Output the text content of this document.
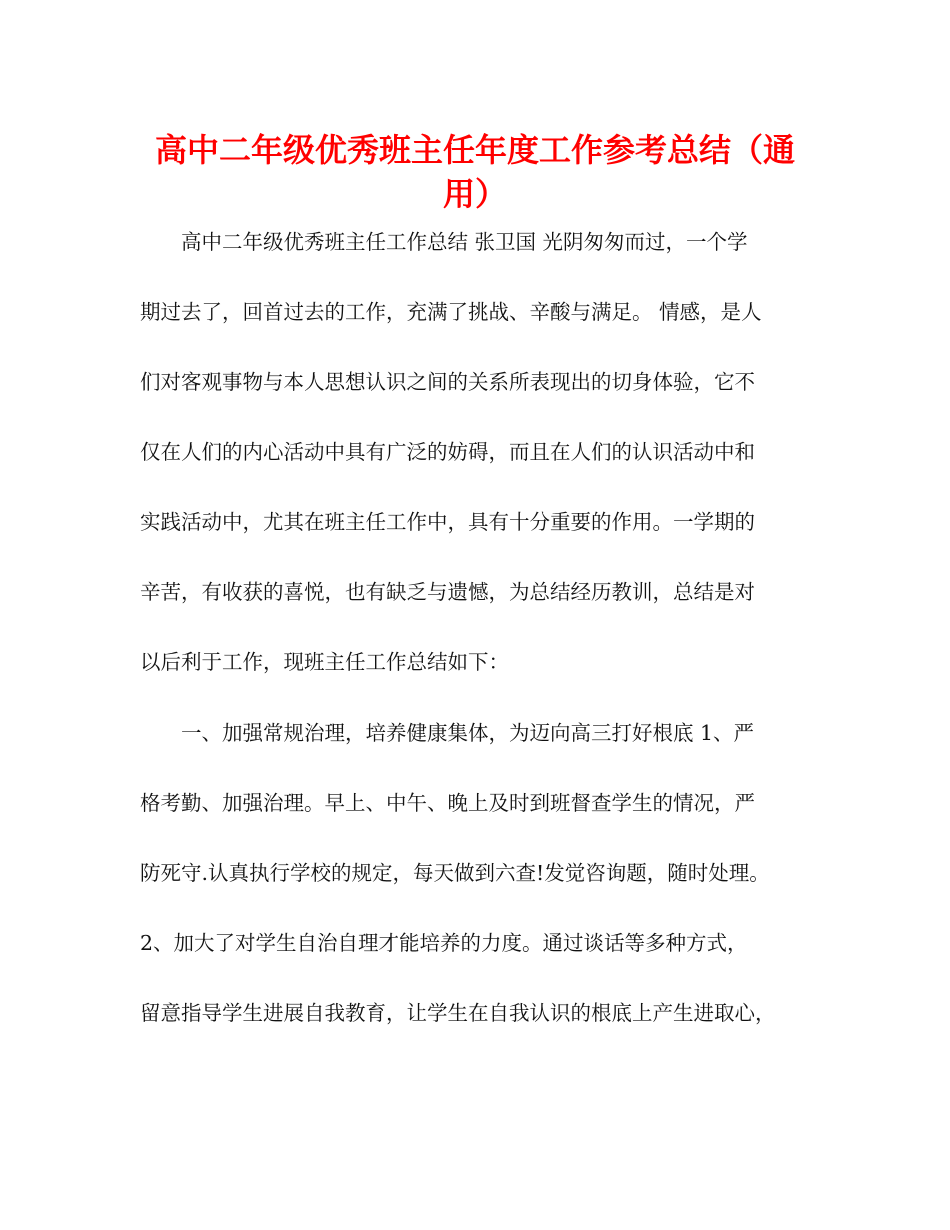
高中二年级优秀班主任年度工作参考总结（通
用）

　　高中二年级优秀班主任工作总结 张卫国 光阴匆匆而过，一个学

期过去了，回首过去的工作，充满了挑战、辛酸与满足。 情感，是人

们对客观事物与本人思想认识之间的关系所表现出的切身体验，它不

仅在人们的内心活动中具有广泛的妨碍，而且在人们的认识活动中和

实践活动中，尤其在班主任工作中，具有十分重要的作用。一学期的

辛苦，有收获的喜悦，也有缺乏与遗憾，为总结经历教训，总结是对

以后利于工作，现班主任工作总结如下：

　　一、加强常规治理，培养健康集体，为迈向高三打好根底 1、严

格考勤、加强治理。早上、中午、晚上及时到班督查学生的情况，严

防死守.认真执行学校的规定，每天做到六查!发觉咨询题，随时处理。

2、加大了对学生自治自理才能培养的力度。通过谈话等多种方式，

留意指导学生进展自我教育，让学生在自我认识的根底上产生进取心，
